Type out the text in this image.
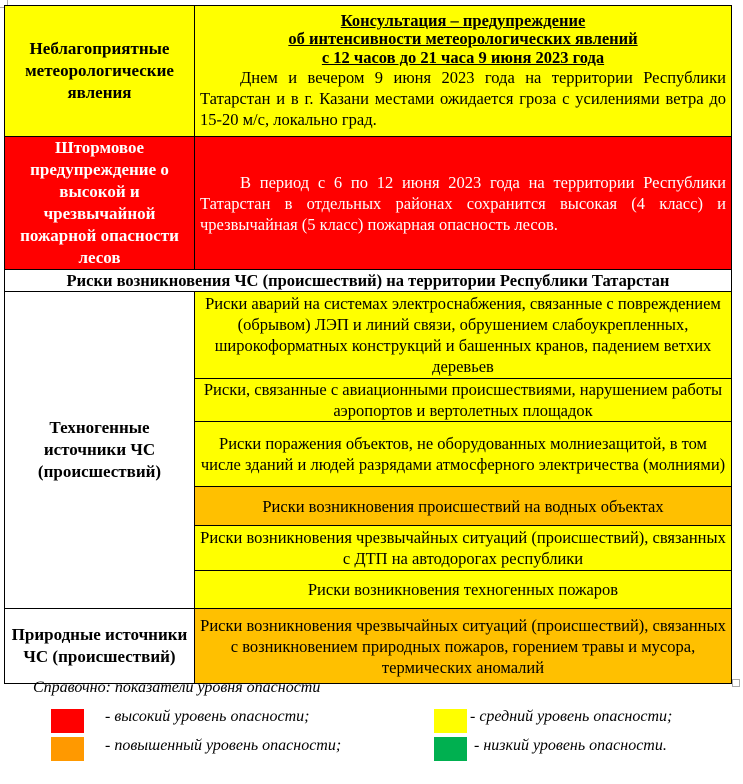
Неблагоприятные метеорологические явления	Консультация – предупреждение
об интенсивности метеорологических явлений
с 12 часов до 21 часа 9 июня 2023 года
Днем и вечером 9 июня 2023 года на территории Республики Татарстан и в г. Казани местами ожидается гроза с усилениями ветра до 15-20 м/с, локально град.

Штормовое предупреждение о высокой и чрезвычайной пожарной опасности лесов	В период с 6 по 12 июня 2023 года на территории Республики Татарстан в отдельных районах сохранится высокая (4 класс) и чрезвычайная (5 класс) пожарная опасность лесов.

Риски возникновения ЧС (происшествий) на территории Республики Татарстан	
Техногенные источники ЧС (происшествий)	Риски аварий на системах электроснабжения, связанные с повреждением (обрывом) ЛЭП и линий связи, обрушением слабоукрепленных, широкоформатных конструкций и башенных кранов, падением ветхих деревьев
	Риски, связанные с авиационными происшествиями, нарушением работы аэропортов и вертолетных площадок
	Риски поражения объектов, не оборудованных молниезащитой, в том числе зданий и людей разрядами атмосферного электричества (молниями)
	Риски возникновения происшествий на водных объектах
	Риски возникновения чрезвычайных ситуаций (происшествий), связанных с ДТП на автодорогах республики
	Риски возникновения техногенных пожаров
Природные источники ЧС (происшествий)	Риски возникновения чрезвычайных ситуаций (происшествий), связанных с возникновением природных пожаров, горением травы и мусора, термических аномалий
Справочно: показатели уровня опасности
- высокий уровень опасности;	- средний уровень опасности;
- повышенный уровень опасности;	- низкий уровень опасности.
